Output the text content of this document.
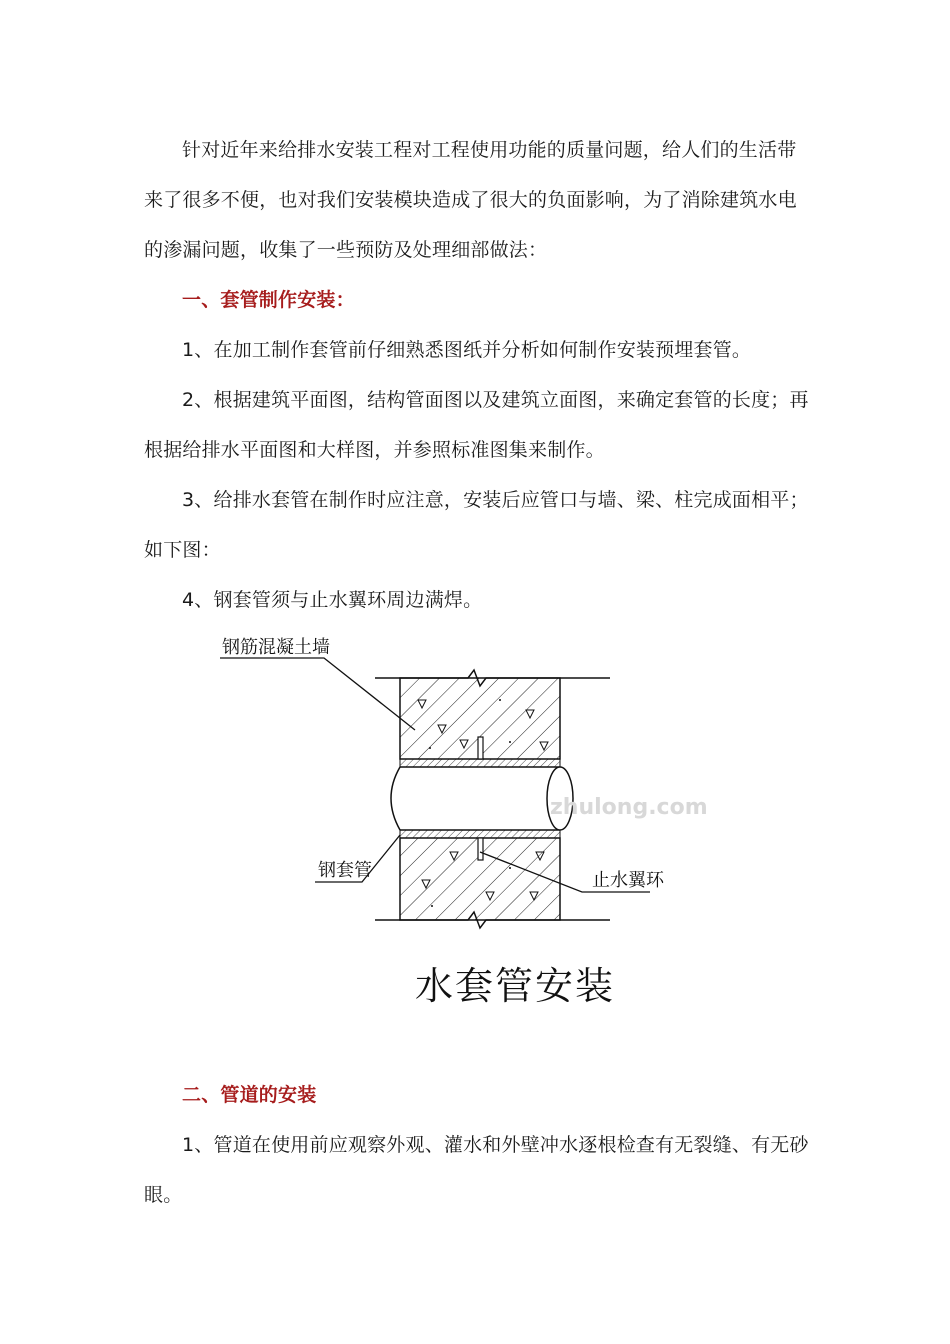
针对近年来给排水安装工程对工程使用功能的质量问题，给人们的生活带来了很多不便，也对我们安装模块造成了很大的负面影响，为了消除建筑水电的渗漏问题，收集了一些预防及处理细部做法：

一、套管制作安装：

1、在加工制作套管前仔细熟悉图纸并分析如何制作安装预埋套管。

2、根据建筑平面图，结构管面图以及建筑立面图，来确定套管的长度；再根据给排水平面图和大样图，并参照标准图集来制作。

3、给排水套管在制作时应注意，安装后应管口与墙、梁、柱完成面相平；如下图：

4、钢套管须与止水翼环周边满焊。

钢筋混凝土墙
钢套管	止水翼环
zhulong.com
水套管安装

二、管道的安装

1、管道在使用前应观察外观、灌水和外壁冲水逐根检查有无裂缝、有无砂眼。
